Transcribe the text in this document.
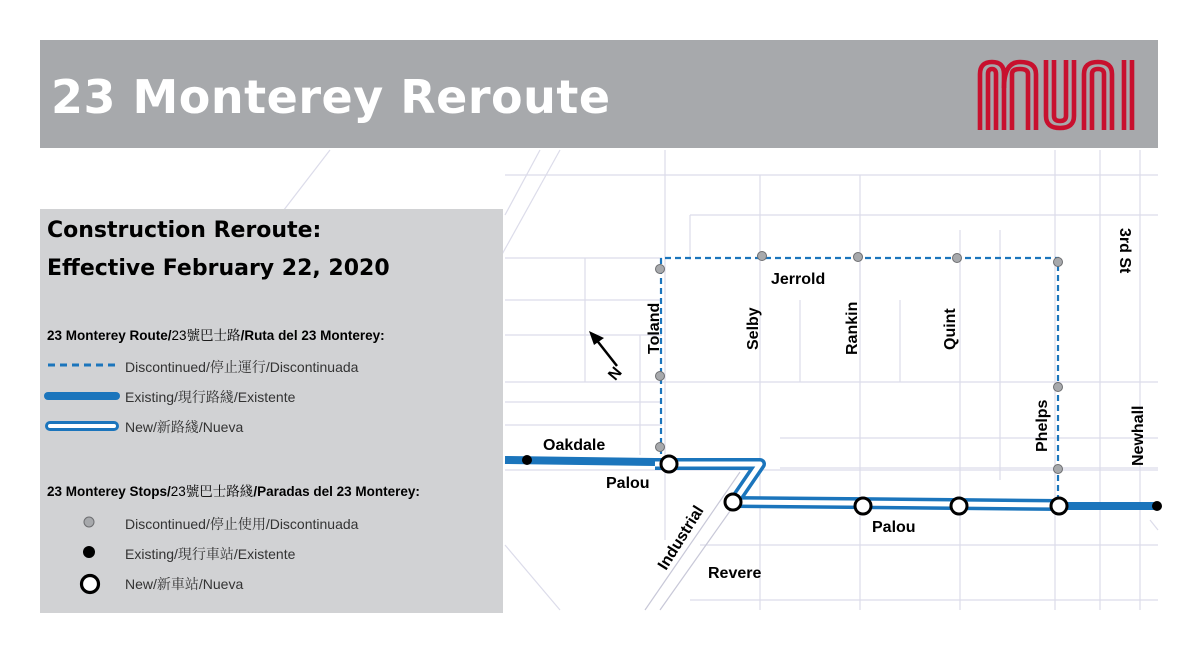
N
Oakdale
Palou
Palou
Jerrold
Revere
Toland	Selby	Rankin	Quint
Phelps	Newhall
3rd St
Industrial
23 Monterey Reroute
MUNI
Construction Reroute:
Effective February 22, 2020
23 Monterey Route/23號巴士路/Ruta del 23 Monterey:
Discontinued/停止運行/Discontinuada
Existing/現行路綫/Existente
New/新路綫/Nueva
23 Monterey Stops/23號巴士路綫/Paradas del 23 Monterey:
Discontinued/停止使用/Discontinuada
Existing/現行車站/Existente
New/新車站/Nueva
